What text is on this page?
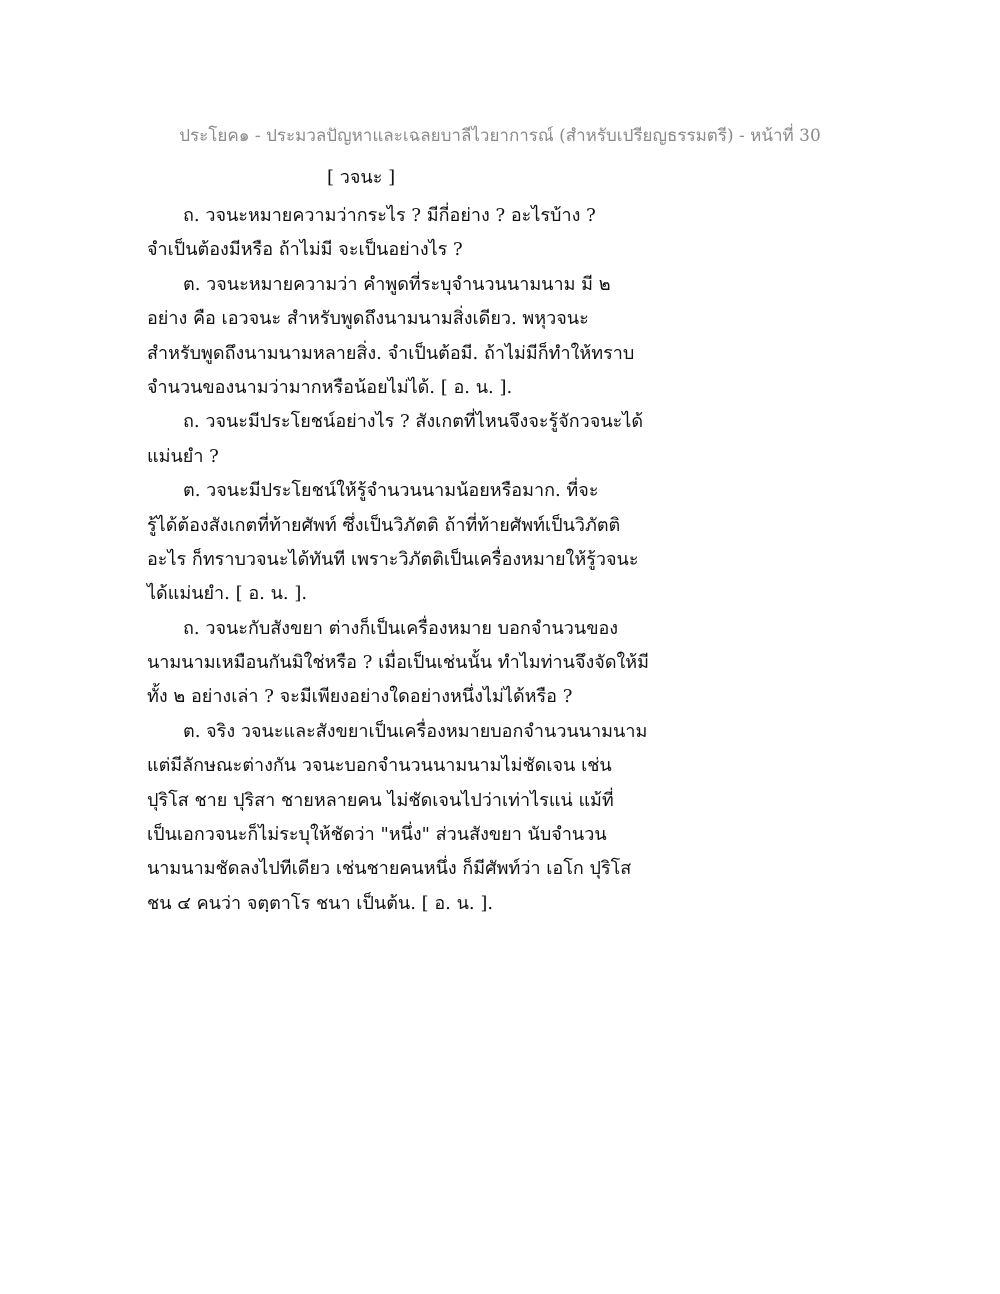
ประโยค๑ - ประมวลปัญหาและเฉลยบาลีไวยาการณ์ (สำหรับเปรียญธรรมตรี) - หน้าที่ 30
[ วจนะ ]
ถ. วจนะหมายความว่ากระไร ? มีกี่อย่าง ? อะไรบ้าง ?
จำเป็นต้องมีหรือ ถ้าไม่มี จะเป็นอย่างไร ?
ต. วจนะหมายความว่า คำพูดที่ระบุจำนวนนามนาม มี ๒
อย่าง คือ เอวจนะ สำหรับพูดถึงนามนามสิ่งเดียว. พหุวจนะ
สำหรับพูดถึงนามนามหลายสิ่ง. จำเป็นต้อมี. ถ้าไม่มีก็ทำให้ทราบ
จำนวนของนามว่ามากหรือน้อยไม่ได้. [ อ. น. ].
ถ. วจนะมีประโยชน์อย่างไร ? สังเกตที่ไหนจึงจะรู้จักวจนะได้
แม่นยำ ?
ต. วจนะมีประโยชน์ให้รู้จำนวนนามน้อยหรือมาก. ที่จะ
รู้ได้ต้องสังเกตที่ท้ายศัพท์ ซึ่งเป็นวิภัตติ ถ้าที่ท้ายศัพท์เป็นวิภัตติ
อะไร ก็ทราบวจนะได้ทันที เพราะวิภัตติเป็นเครื่องหมายให้รู้วจนะ
ได้แม่นยำ. [ อ. น. ].
ถ. วจนะกับสังขยา ต่างก็เป็นเครื่องหมาย บอกจำนวนของ
นามนามเหมือนกันมิใช่หรือ ? เมื่อเป็นเช่นนั้น ทำไมท่านจึงจัดให้มี
ทั้ง ๒ อย่างเล่า ? จะมีเพียงอย่างใดอย่างหนึ่งไม่ได้หรือ ?
ต. จริง วจนะและสังขยาเป็นเครื่องหมายบอกจำนวนนามนาม
แต่มีลักษณะต่างกัน วจนะบอกจำนวนนามนามไม่ชัดเจน เช่น
ปุริโส ชาย ปุริสา ชายหลายคน ไม่ชัดเจนไปว่าเท่าไรแน่ แม้ที่
เป็นเอกวจนะก็ไม่ระบุให้ชัดว่า "หนึ่ง" ส่วนสังขยา นับจำนวน
นามนามชัดลงไปทีเดียว เช่นชายคนหนึ่ง ก็มีศัพท์ว่า เอโก ปุริโส
ชน ๔ คนว่า จตฺตาโร ชนา เป็นต้น. [ อ. น. ].
